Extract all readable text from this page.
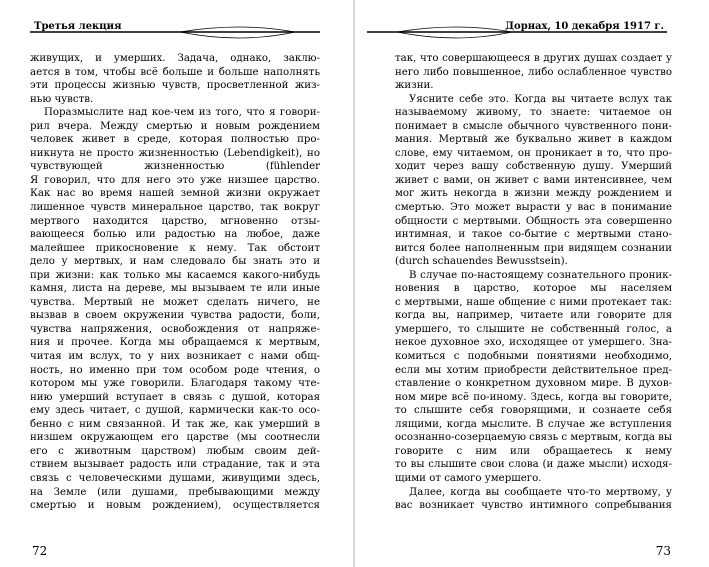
Третья лекция
живущих, и умерших. Задача, однако, заклю-
ается в том, чтобы всё больше и больше наполнять
эти процессы жизнью чувств, просветленной жиз-
нью чувств.
Поразмыслите над кое-чем из того, что я говори-
рил вчера. Между смертью и новым рождением
человек живет в среде, которая полностью про-
никнута не просто жизненностью (Lebendigkeit), но
чувствующей жизненностью (fühlender
Я говорил, что для него это уже низшее царство.
Как нас во время нашей земной жизни окружает
лишенное чувств минеральное царство, так вокруг
мертвого находится царство, мгновенно отзы-
вающееся болью или радостью на любое, даже
малейшее прикосновение к нему. Так обстоит
дело у мертвых, и нам следовало бы знать это и
при жизни: как только мы касаемся какого-нибудь
камня, листа на дереве, мы вызываем те или иные
чувства. Мертвый не может сделать ничего, не
вызвав в своем окружении чувства радости, боли,
чувства напряжения, освобождения от напряже-
ния и прочее. Когда мы обращаемся к мертвым,
читая им вслух, то у них возникает с нами общ-
ность, но именно при том особом роде чтения, о
котором мы уже говорили. Благодаря такому чте-
нию умерший вступает в связь с душой, которая
ему здесь читает, с душой, кармически как-то осо-
бенно с ним связанной. И так же, как умерший в
низшем окружающем его царстве (мы соотнесли
его с животным царством) любым своим дей-
ствием вызывает радость или страдание, так и эта
связь с человеческими душами, живущими здесь,
на Земле (или душами, пребывающими между
смертью и новым рождением), осуществляется
72
Дорнах, 10 декабря 1917 г.
так, что совершающееся в других душах создает у
него либо повышенное, либо ослабленное чувство
жизни.
Уясните себе это. Когда вы читаете вслух так
называемому живому, то знаете: читаемое он
понимает в смысле обычного чувственного пони-
мания. Мертвый же буквально живет в каждом
слове, ему читаемом, он проникает в то, что про-
ходит через вашу собственную душу. Умерший
живет с вами, он живет с вами интенсивнее, чем
мог жить некогда в жизни между рождением и
смертью. Это может вырасти у вас в понимание
общности с мертвыми. Общность эта совершенно
интимная, и такое со-бытие с мертвыми стано-
вится более наполненным при видящем сознании
(durch schauendes Bewusstsein).
В случае по-настоящему сознательного проник-
новения в царство, которое мы населяем
с мертвыми, наше общение с ними протекает так:
когда вы, например, читаете или говорите для
умершего, то слышите не собственный голос, а
некое духовное эхо, исходящее от умершего. Зна-
комиться с подобными понятиями необходимо,
если мы хотим приобрести действительное пред-
ставление о конкретном духовном мире. В духов-
ном мире всё по-иному. Здесь, когда вы говорите,
то слышите себя говорящими, и сознаете себя
лящими, когда мыслите. В случае же вступления
осознанно-созерцаемую связь с мертвым, когда вы
говорите с ним или обращаетесь к нему
то вы слышите свои слова (и даже мысли) исходя-
щими от самого умершего.
Далее, когда вы сообщаете что-то мертвому, у
вас возникает чувство интимного сопребывания
73
